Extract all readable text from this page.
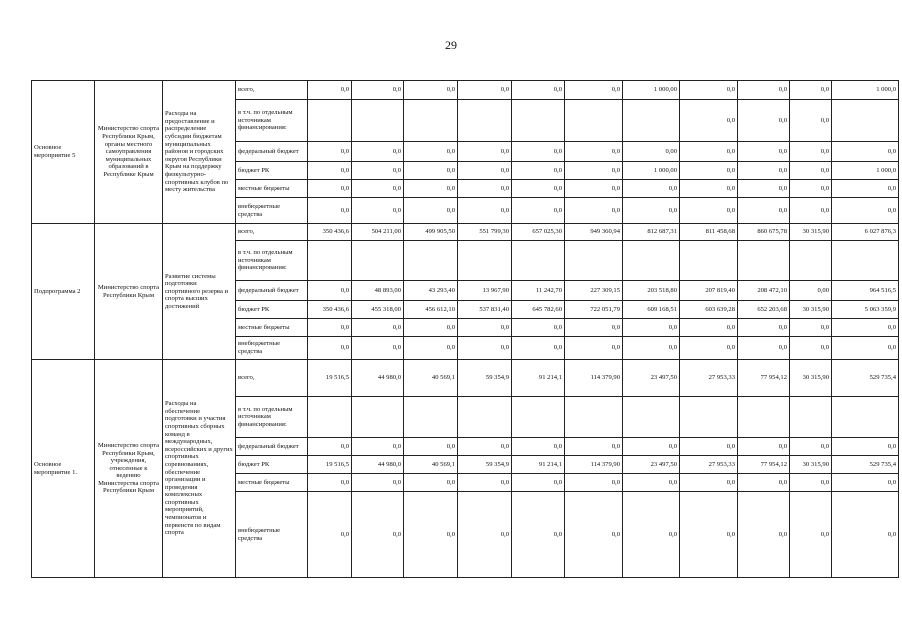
29
Основное мероприятие 5	Министерство спорта Республики Крым, органы местного самоуправления муниципальных образований в Республике Крым	Расходы на предоставление и распределение субсидии бюджетам муниципальных районов и городских округов Республики Крым на поддержку физкультурно-спортивных клубов по месту жительства	всего,	0,0	0,0	0,0	0,0	0,0	0,0	1 000,00	0,0	0,0	0,0	1 000,0
			в т.ч. по отдельным источникам финансирования:								0,0	0,0	0,0	
			федеральный бюджет	0,0	0,0	0,0	0,0	0,0	0,0	0,00	0,0	0,0	0,0	0,0
			бюджет РК	0,0	0,0	0,0	0,0	0,0	0,0	1 000,00	0,0	0,0	0,0	1 000,0
			местные бюджеты	0,0	0,0	0,0	0,0	0,0	0,0	0,0	0,0	0,0	0,0	0,0
			внебюджетные средства	0,0	0,0	0,0	0,0	0,0	0,0	0,0	0,0	0,0	0,0	0,0
Подпрограмма 2	Министерство спорта Республики Крым	Развитие системы подготовки спортивного резерва и спорта высших достижений	всего,	350 436,6	504 211,00	499 905,50	551 799,30	657 025,30	949 360,94	812 687,31	811 458,68	860 675,78	30 315,90	6 027 876,3
			в т.ч. по отдельным источникам финансирования:											
			федеральный бюджет	0,0	48 893,00	43 293,40	13 967,90	11 242,70	227 309,15	203 518,80	207 819,40	208 472,10	0,00	964 516,5
			бюджет РК	350 436,6	455 318,00	456 612,10	537 831,40	645 782,60	722 051,79	609 168,51	603 639,28	652 203,68	30 315,90	5 063 359,9
			местные бюджеты	0,0	0,0	0,0	0,0	0,0	0,0	0,0	0,0	0,0	0,0	0,0
			внебюджетные средства	0,0	0,0	0,0	0,0	0,0	0,0	0,0	0,0	0,0	0,0	0,0
Основное мероприятие 1.	Министерство спорта Республики Крым, учреждения, отнесенные к ведению Министерства спорта Республики Крым	Расходы на обеспечение подготовки и участия спортивных сборных команд в международных, всероссийских и других спортивных соревнованиях, обеспечение организации и проведения комплексных спортивных мероприятий, чемпионатов и первенств по видам спорта	всего,	19 516,5	44 980,0	40 569,1	59 354,9	91 214,1	114 379,90	23 497,50	27 953,33	77 954,12	30 315,90	529 735,4
			в т.ч. по отдельным источникам финансирования:											
			федеральный бюджет	0,0	0,0	0,0	0,0	0,0	0,0	0,0	0,0	0,0	0,0	0,0
			бюджет РК	19 516,5	44 980,0	40 569,1	59 354,9	91 214,1	114 379,90	23 497,50	27 953,33	77 954,12	30 315,90	529 735,4
			местные бюджеты	0,0	0,0	0,0	0,0	0,0	0,0	0,0	0,0	0,0	0,0	0,0
			внебюджетные средства	0,0	0,0	0,0	0,0	0,0	0,0	0,0	0,0	0,0	0,0	0,0
